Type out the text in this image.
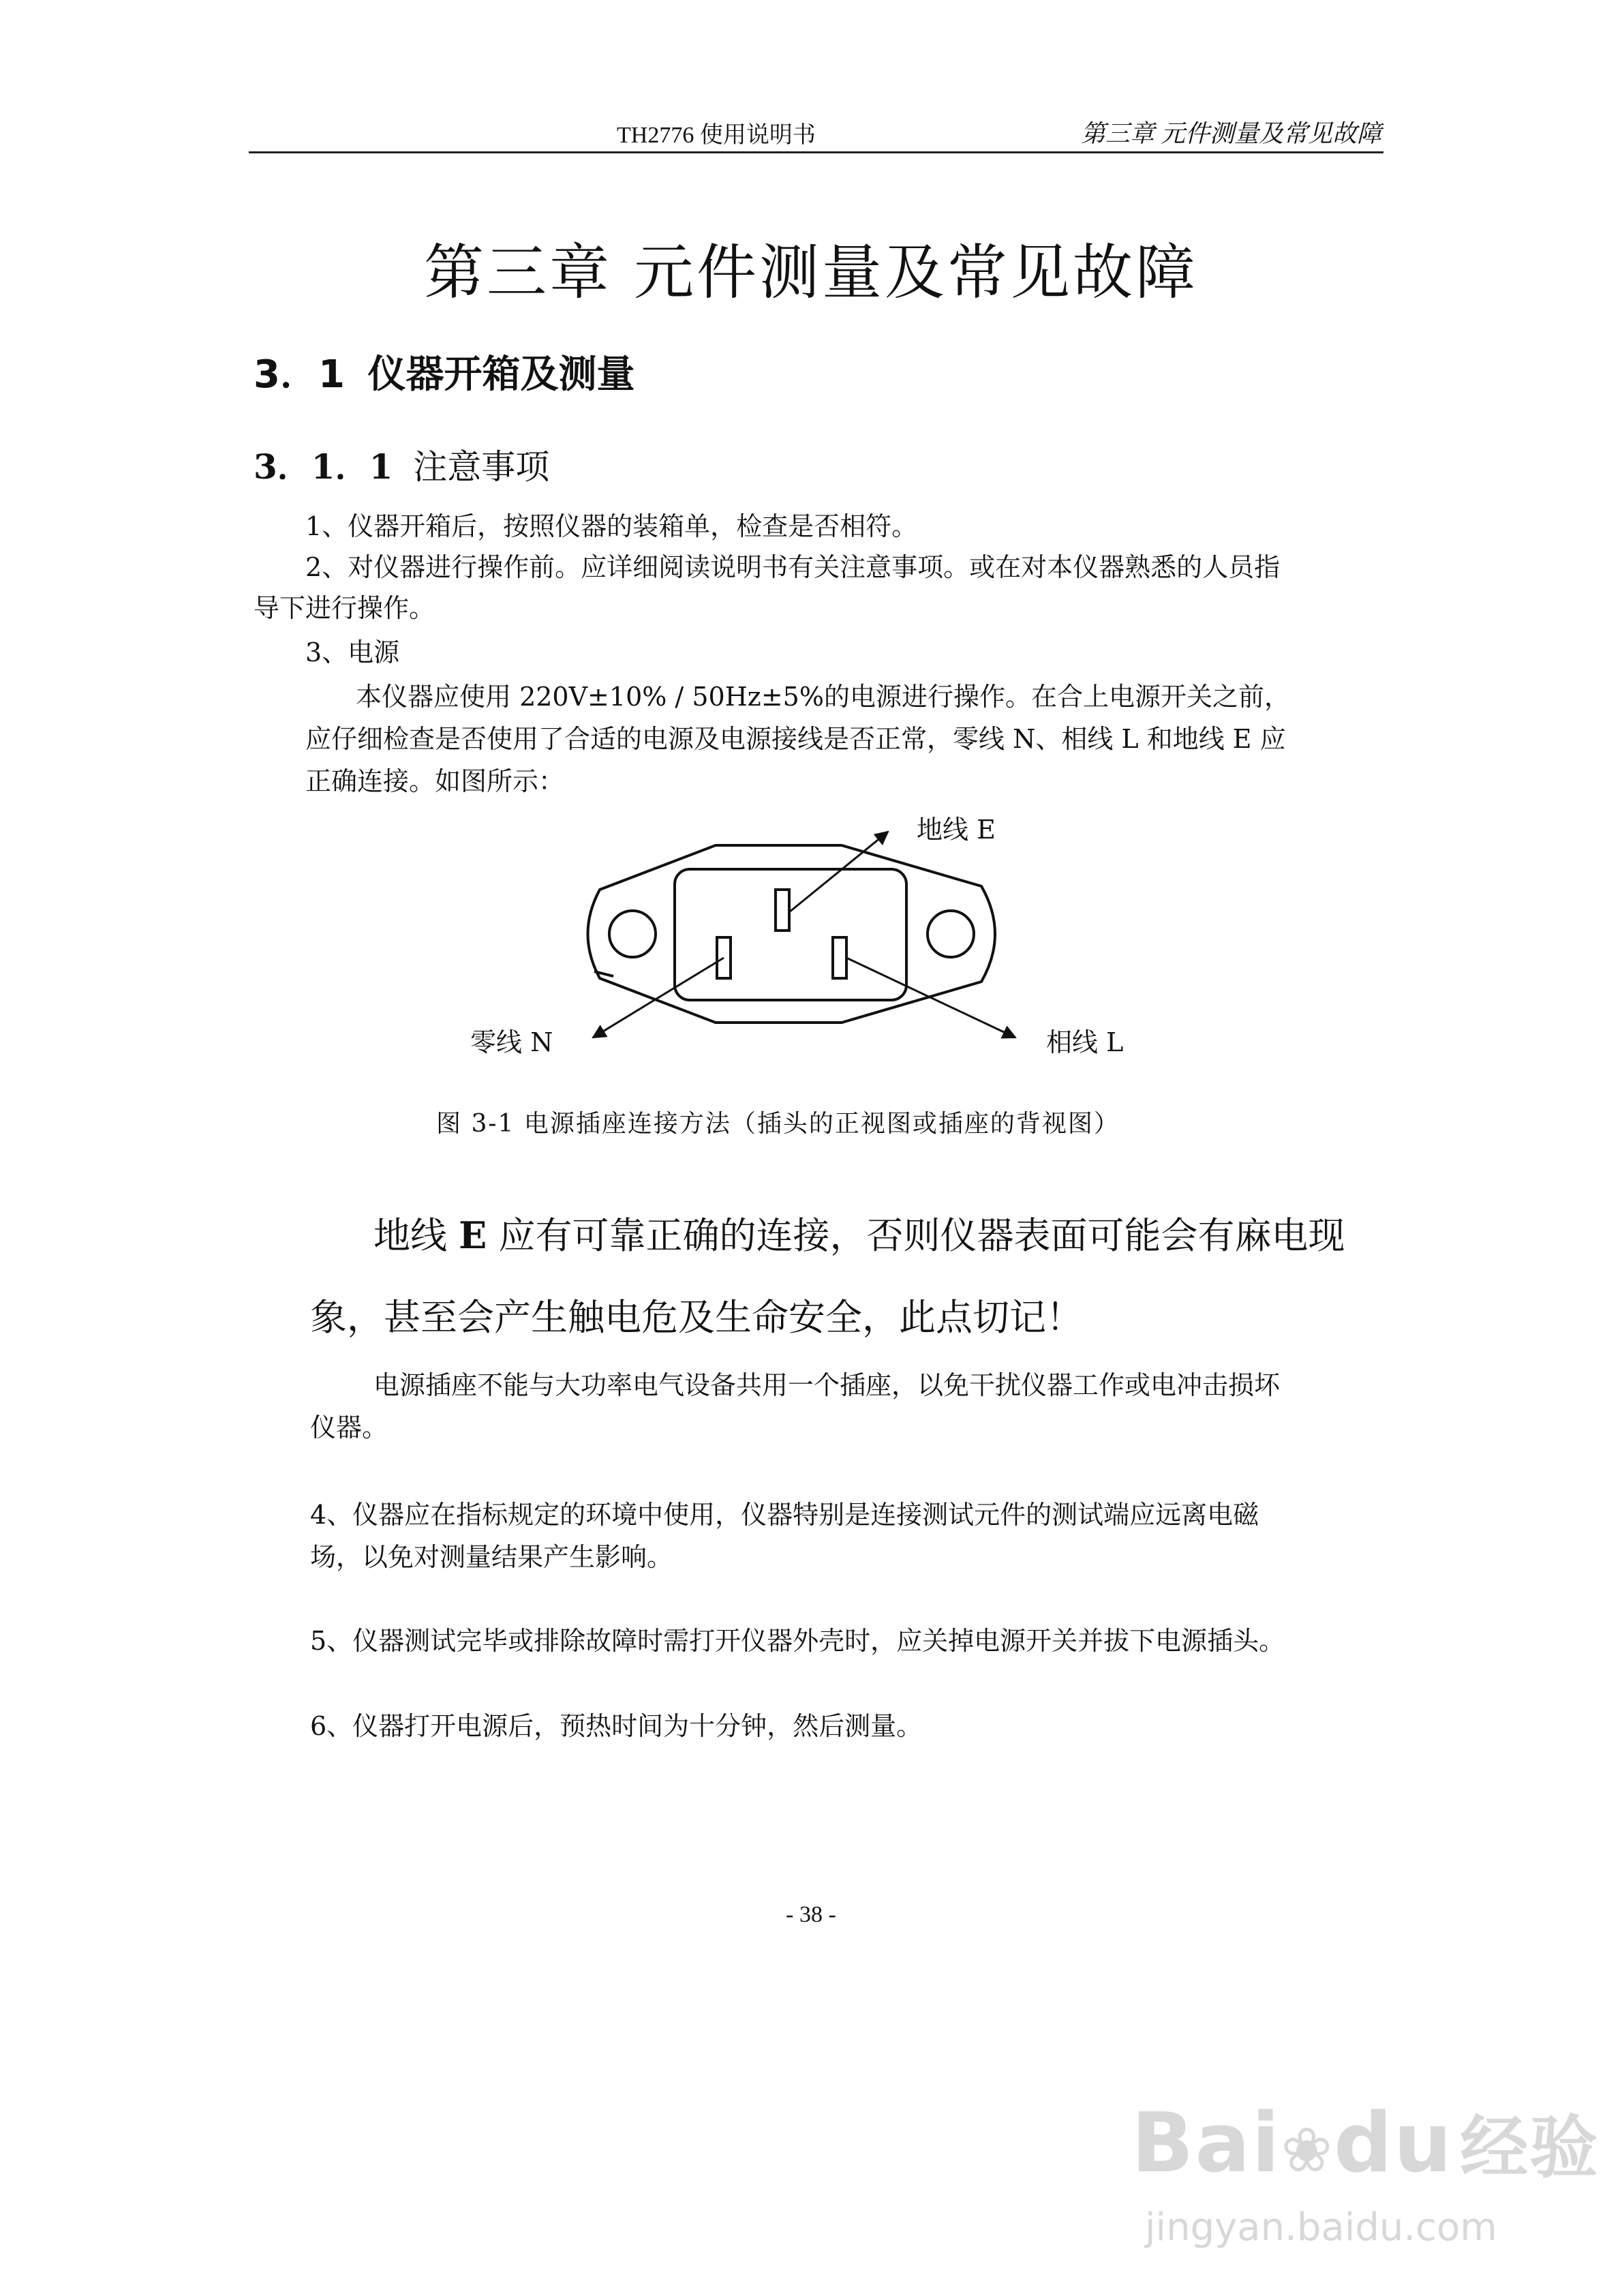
TH2776 使用说明书	第三章 元件测量及常见故障
第三章 元件测量及常见故障
3．1 仪器开箱及测量
3．1．1 注意事项
1、仪器开箱后，按照仪器的装箱单，检查是否相符。
2、对仪器进行操作前。应详细阅读说明书有关注意事项。或在对本仪器熟悉的人员指
导下进行操作。
3、电源
本仪器应使用 220V±10% / 50Hz±5%的电源进行操作。在合上电源开关之前，
应仔细检查是否使用了合适的电源及电源接线是否正常，零线 N、相线 L 和地线 E 应
正确连接。如图所示：
地线 E
零线 N	相线 L
图 3-1 电源插座连接方法（插头的正视图或插座的背视图）
地线 E 应有可靠正确的连接，否则仪器表面可能会有麻电现
象，甚至会产生触电危及生命安全，此点切记！
电源插座不能与大功率电气设备共用一个插座，以免干扰仪器工作或电冲击损坏
仪器。
4、仪器应在指标规定的环境中使用，仪器特别是连接测试元件的测试端应远离电磁
场，以免对测量结果产生影响。
5、仪器测试完毕或排除故障时需打开仪器外壳时，应关掉电源开关并拔下电源插头。
6、仪器打开电源后，预热时间为十分钟，然后测量。
- 38 -
Bai❀du 经验
jingyan.baidu.com
